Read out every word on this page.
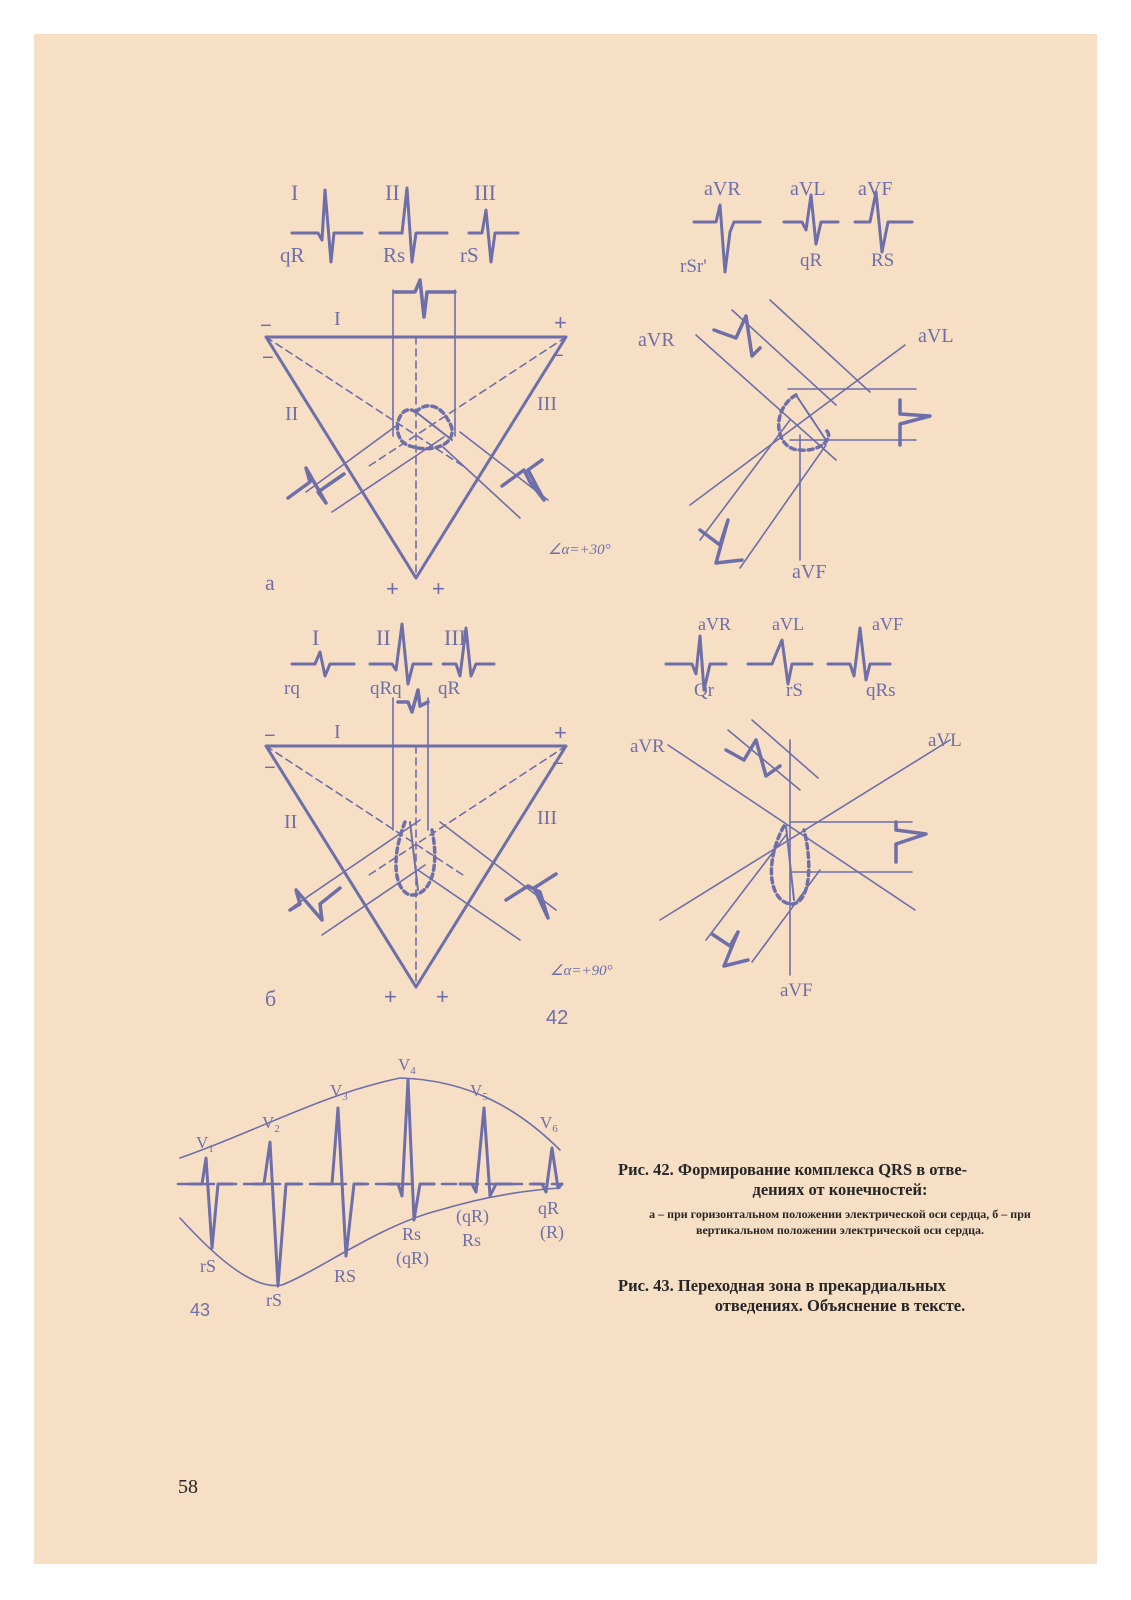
I	II	III
qR	Rs	rS
I
II	III
−
−
+
−
+ +
∠α=+30°
а
aVR aVL aVF
rSr'	qR	RS
aVR	aVL
aVF
I	II III
rq	qRq qR
I
II	III
−
−
+
−
+ +
∠α=+90°
б
42
aVR aVL	aVF
Qr	rS	qRs
aVR	aVL
aVF
$V_1$
$V_2$
$V_3$
$V_4$
$V_5$
$V_6$
rS
rS
RS
Rs
(qR)
(qR)
Rs
qR
(R)
43
Рис. 42. Формирование комплекса QRS в отве-
дениях от конечностей:
а – при горизонтальном положении электрической оси сердца, б – при вертикальном положении электрической оси сердца.
Рис. 43. Переходная зона в прекардиальных
отведениях. Объяснение в тексте.
58
